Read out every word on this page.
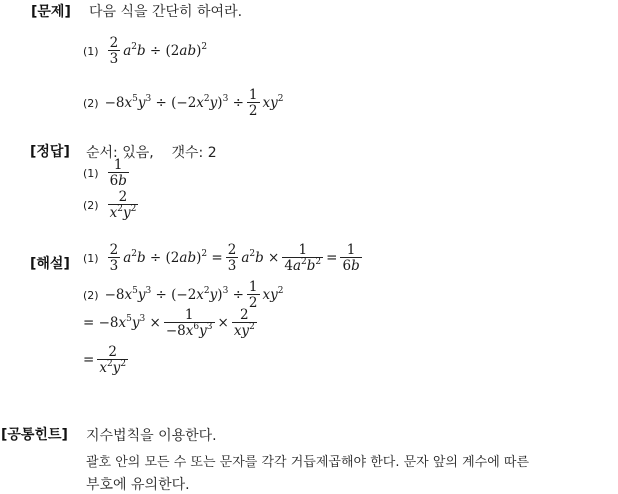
[문제]
[정답]
[해설]
[공통힌트]
다음 식을 간단히 하여라.
$(1) \frac{2}{3} a^2b \div (2ab)^2$
$(2) -8x^5y^3 \div (-2x^2y)^3 \div \frac{1}{2} xy^2$
순서: 있음,    갯수: 2
$(1) \frac{1}{6b}$
$(2) \frac{2}{x^2y^2}$
$(1) \frac{2}{3} a^2b \div (2ab)^2 = \frac{2}{3} a^2b \times \frac{1}{4a^2b^2} = \frac{1}{6b}$
$(2) -8x^5y^3 \div (-2x^2y)^3 \div \frac{1}{2} xy^2$
= $-8x^5y^3 \times \frac{1}{-8x^6y^3} \times \frac{2}{xy^2}$
= $\frac{2}{x^2y^2}$
지수법칙을 이용한다.
괄호 안의 모든 수 또는 문자를 각각 거듭제곱해야 한다. 문자 앞의 계수에 따른
부호에 유의한다.
